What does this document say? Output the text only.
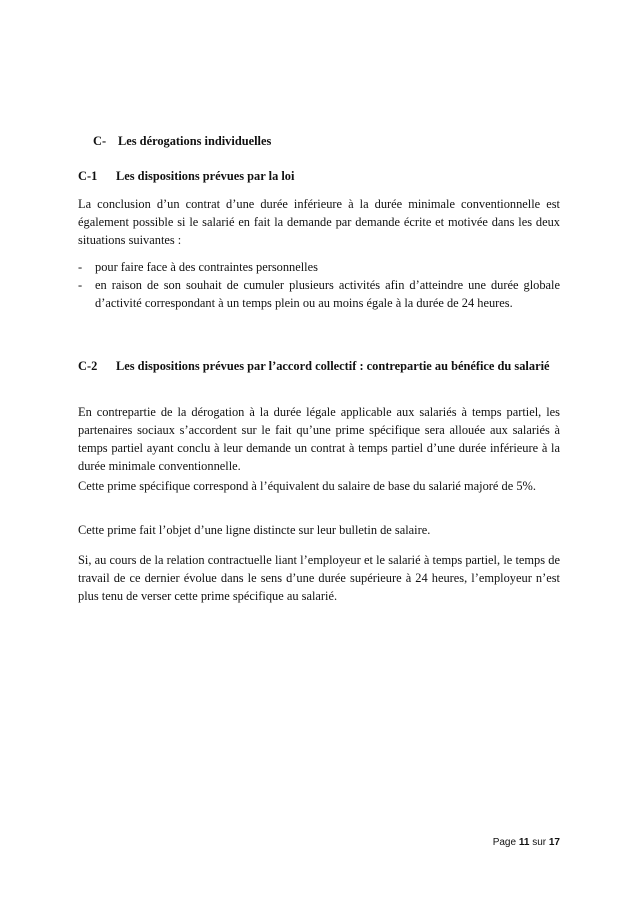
C- Les dérogations individuelles
C-1 Les dispositions prévues par la loi
La conclusion d’un contrat d’une durée inférieure à la durée minimale conventionnelle est également possible si le salarié en fait la demande par demande écrite et motivée dans les deux situations suivantes :
- pour faire face à des contraintes personnelles
- en raison de son souhait de cumuler plusieurs activités afin d’atteindre une durée globale d’activité correspondant à un temps plein ou au moins égale à la durée de 24 heures.
C-2 Les dispositions prévues par l’accord collectif : contrepartie au bénéfice du salarié
En contrepartie de la dérogation à la durée légale applicable aux salariés à temps partiel, les partenaires sociaux s’accordent sur le fait qu’une prime spécifique sera allouée aux salariés à temps partiel ayant conclu à leur demande un contrat à temps partiel d’une durée inférieure à la durée minimale conventionnelle.
Cette prime spécifique correspond à l’équivalent du salaire de base du salarié majoré de 5%.
Cette prime fait l’objet d’une ligne distincte sur leur bulletin de salaire.
Si, au cours de la relation contractuelle liant l’employeur et le salarié à temps partiel, le temps de travail de ce dernier évolue dans le sens d’une durée supérieure à 24 heures, l’employeur n’est plus tenu de verser cette prime spécifique au salarié.
Page 11 sur 17
